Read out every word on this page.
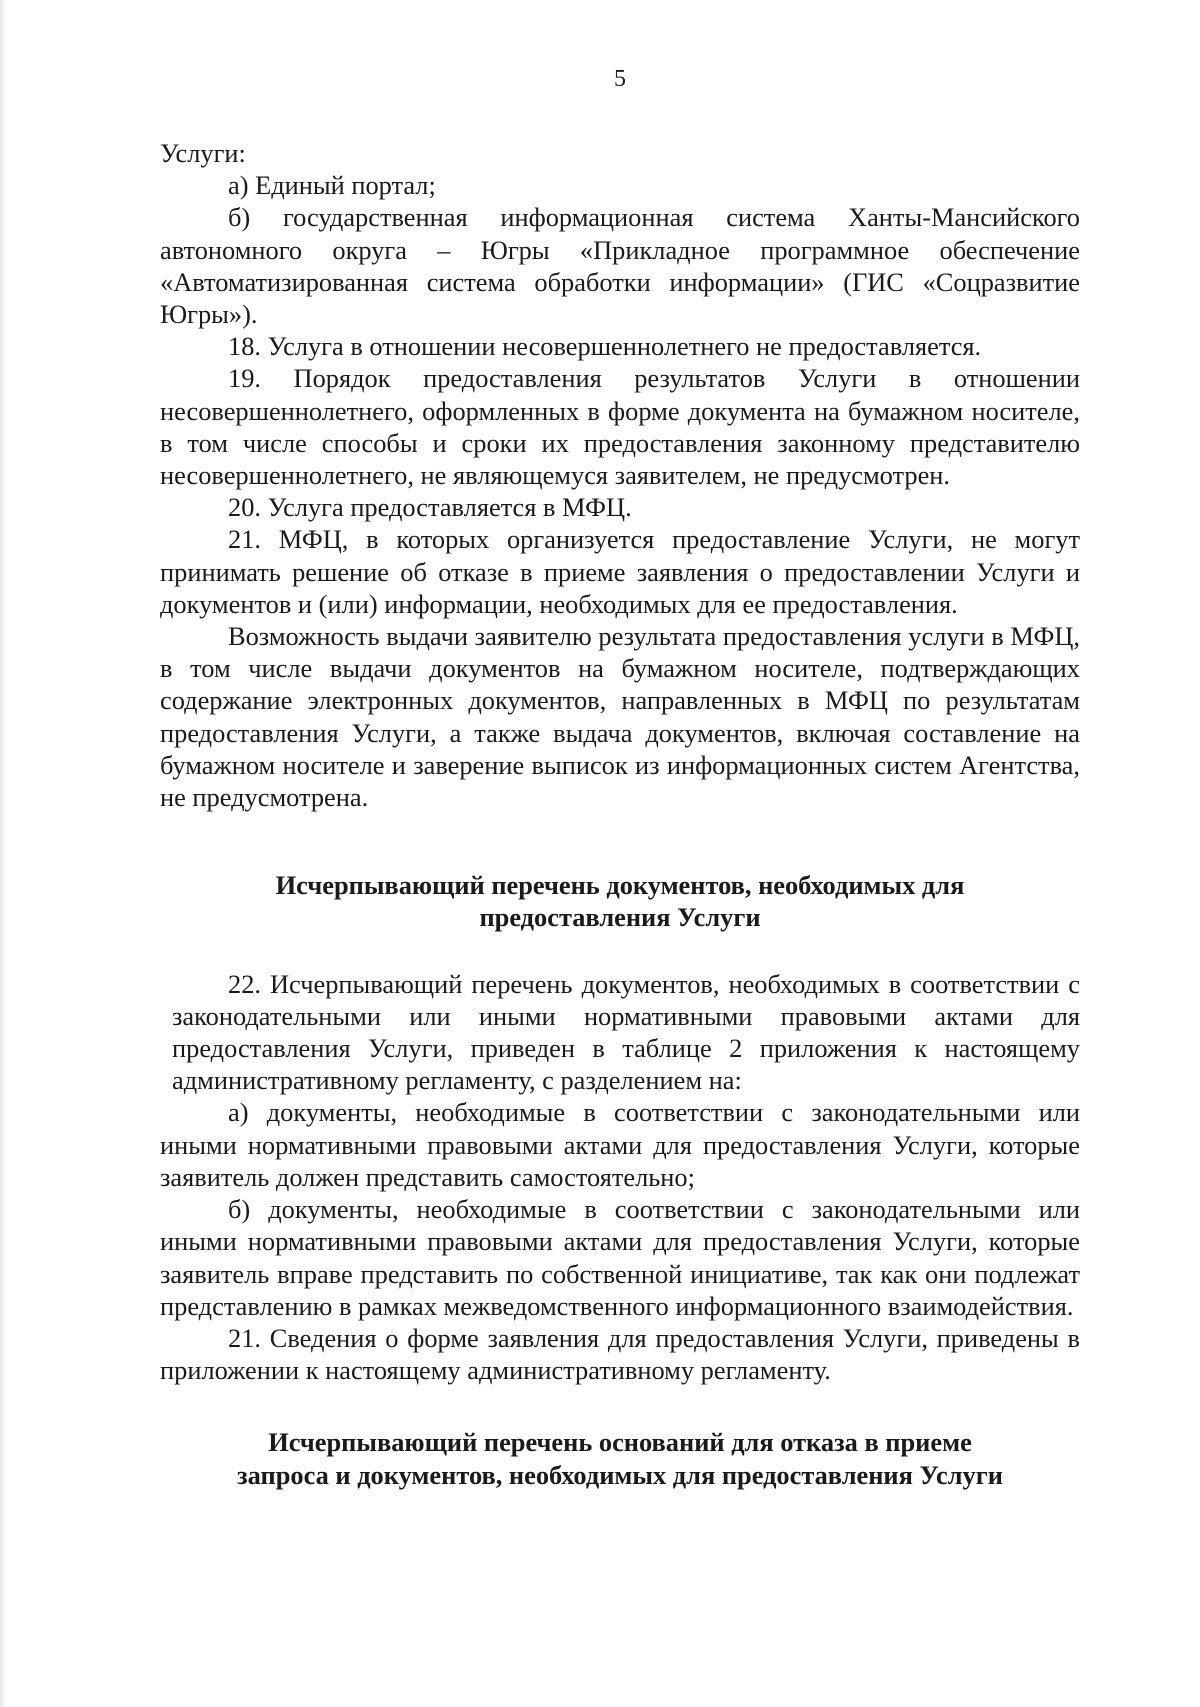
5

Услуги:

а) Единый портал;

б) государственная информационная система Ханты-Мансийского автономного округа – Югры «Прикладное программное обеспечение «Автоматизированная система обработки информации» (ГИС «Соцразвитие Югры»).

18. Услуга в отношении несовершеннолетнего не предоставляется.

19. Порядок предоставления результатов Услуги в отношении несовершеннолетнего, оформленных в форме документа на бумажном носителе, в том числе способы и сроки их предоставления законному представителю несовершеннолетнего, не являющемуся заявителем, не предусмотрен.

20. Услуга предоставляется в МФЦ.

21. МФЦ, в которых организуется предоставление Услуги, не могут принимать решение об отказе в приеме заявления о предоставлении Услуги и документов и (или) информации, необходимых для ее предоставления.

Возможность выдачи заявителю результата предоставления услуги в МФЦ, в том числе выдачи документов на бумажном носителе, подтверждающих содержание электронных документов, направленных в МФЦ по результатам предоставления Услуги, а также выдача документов, включая составление на бумажном носителе и заверение выписок из информационных систем Агентства, не предусмотрена.

Исчерпывающий перечень документов, необходимых для

предоставления Услуги

22. Исчерпывающий перечень документов, необходимых в соответствии с законодательными или иными нормативными правовыми актами для предоставления Услуги, приведен в таблице 2 приложения к настоящему административному регламенту, с разделением на:

а) документы, необходимые в соответствии с законодательными или иными нормативными правовыми актами для предоставления Услуги, которые заявитель должен представить самостоятельно;

б) документы, необходимые в соответствии с законодательными или иными нормативными правовыми актами для предоставления Услуги, которые заявитель вправе представить по собственной инициативе, так как они подлежат представлению в рамках межведомственного информационного взаимодействия.

21. Сведения о форме заявления для предоставления Услуги, приведены в приложении к настоящему административному регламенту.

Исчерпывающий перечень оснований для отказа в приеме

запроса и документов, необходимых для предоставления Услуги
